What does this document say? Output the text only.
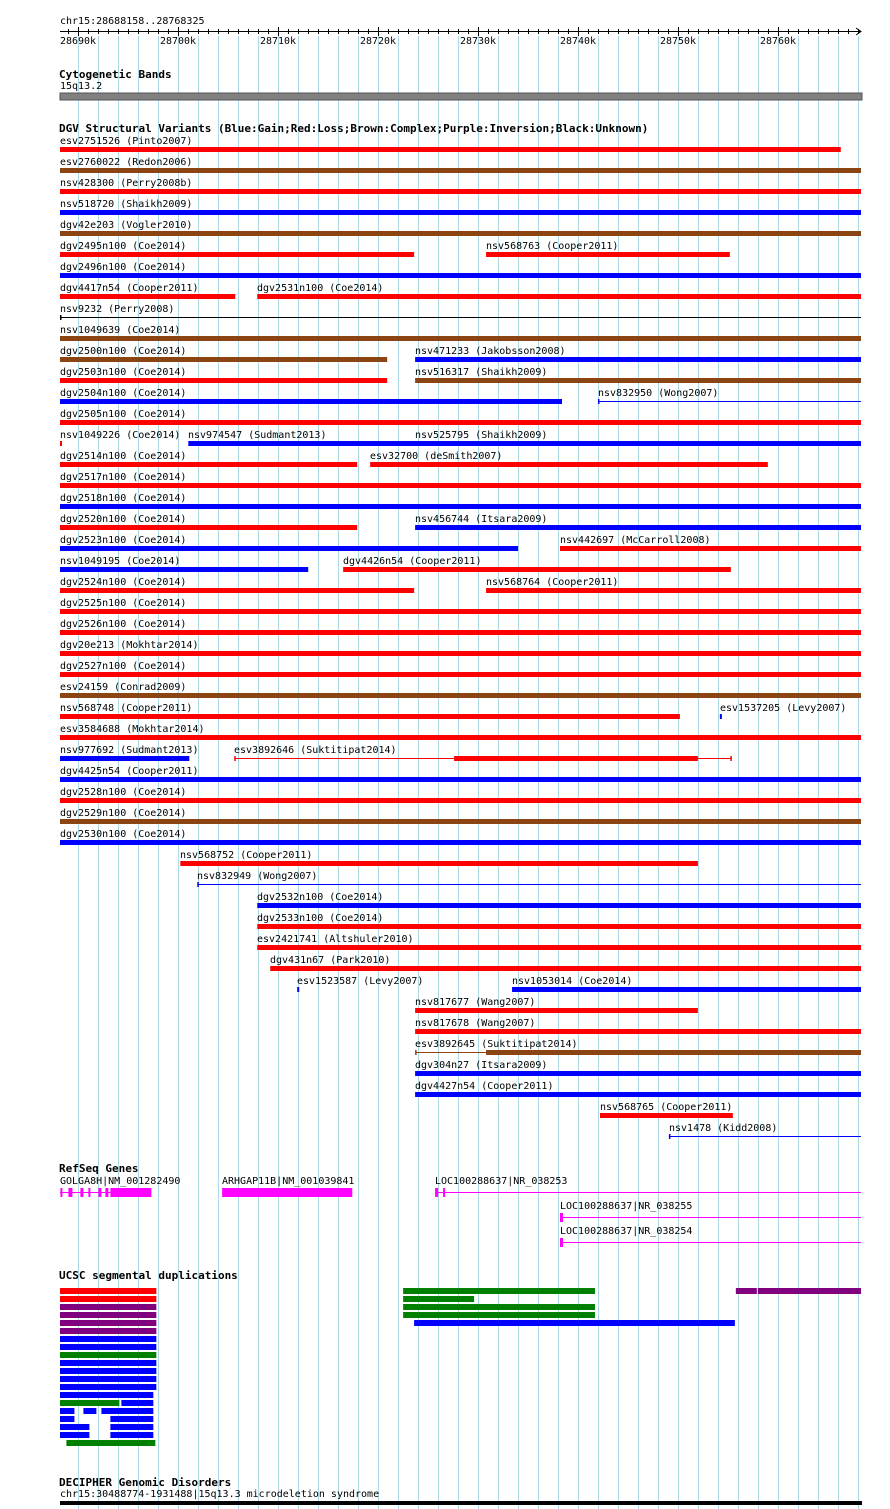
chr15:28688158..28768325
28690k	28700k	28710k	28720k	28730k	28740k	28750k	28760k
Cytogenetic Bands
15q13.2
DGV Structural Variants (Blue:Gain;Red:Loss;Brown:Complex;Purple:Inversion;Black:Unknown)
esv2751526 (Pinto2007)
esv2760022 (Redon2006)
nsv428300 (Perry2008b)
nsv518720 (Shaikh2009)
dgv42e203 (Vogler2010)
dgv2495n100 (Coe2014)	nsv568763 (Cooper2011)
dgv2496n100 (Coe2014)
dgv4417n54 (Cooper2011)	dgv2531n100 (Coe2014)
nsv9232 (Perry2008)
nsv1049639 (Coe2014)
dgv2500n100 (Coe2014)	nsv471233 (Jakobsson2008)
dgv2503n100 (Coe2014)	nsv516317 (Shaikh2009)
dgv2504n100 (Coe2014)	nsv832950 (Wong2007)
dgv2505n100 (Coe2014)
nsv1049226 (Coe2014) nsv974547 (Sudmant2013)	nsv525795 (Shaikh2009)
dgv2514n100 (Coe2014)	esv32700 (deSmith2007)
dgv2517n100 (Coe2014)
dgv2518n100 (Coe2014)
dgv2520n100 (Coe2014)	nsv456744 (Itsara2009)
dgv2523n100 (Coe2014)	nsv442697 (McCarroll2008)
nsv1049195 (Coe2014)	dgv4426n54 (Cooper2011)
dgv2524n100 (Coe2014)	nsv568764 (Cooper2011)
dgv2525n100 (Coe2014)
dgv2526n100 (Coe2014)
dgv20e213 (Mokhtar2014)
dgv2527n100 (Coe2014)
esv24159 (Conrad2009)
nsv568748 (Cooper2011)	esv1537205 (Levy2007)
esv3584688 (Mokhtar2014)
nsv977692 (Sudmant2013)	esv3892646 (Suktitipat2014)
dgv4425n54 (Cooper2011)
dgv2528n100 (Coe2014)
dgv2529n100 (Coe2014)
dgv2530n100 (Coe2014)
nsv568752 (Cooper2011)
nsv832949 (Wong2007)
dgv2532n100 (Coe2014)
dgv2533n100 (Coe2014)
esv2421741 (Altshuler2010)
dgv431n67 (Park2010)
esv1523587 (Levy2007)	nsv1053014 (Coe2014)
nsv817677 (Wang2007)
nsv817678 (Wang2007)
esv3892645 (Suktitipat2014)
dgv304n27 (Itsara2009)
dgv4427n54 (Cooper2011)
nsv568765 (Cooper2011)
nsv1478 (Kidd2008)
RefSeq Genes
GOLGA8H|NM_001282490	ARHGAP11B|NM_001039841	LOC100288637|NR_038253
LOC100288637|NR_038255
LOC100288637|NR_038254
UCSC segmental duplications
DECIPHER Genomic Disorders
chr15:30488774-1931488|15q13.3 microdeletion syndrome
